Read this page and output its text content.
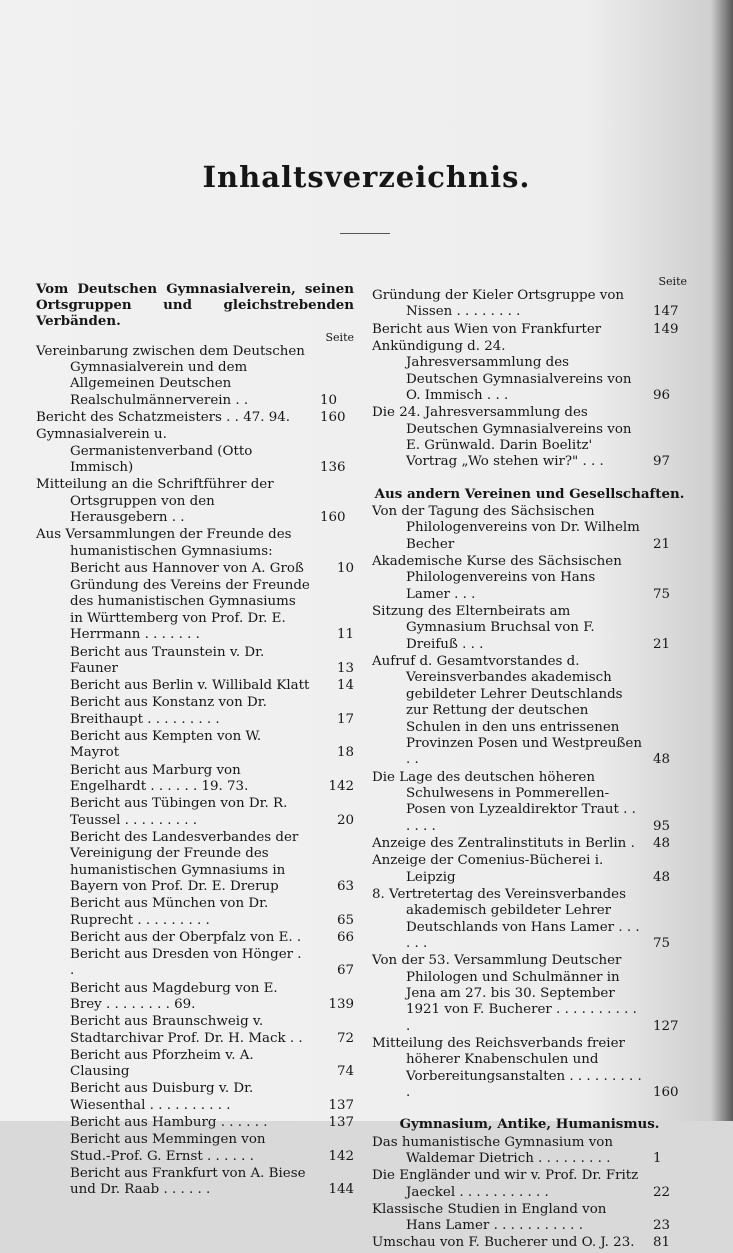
Inhaltsverzeichnis.
Vom Deutschen Gymnasialverein, seinen Ortsgruppen und gleichstrebenden Verbänden.
Seite
Vereinbarung zwischen dem Deutschen Gymnasialverein und dem Allgemeinen Deutschen Realschulmännerverein . .	10
Bericht des Schatzmeisters . . 47. 94.	160
Gymnasialverein u. Germanistenverband (Otto Immisch)	136
Mitteilung an die Schriftführer der Ortsgruppen von den Herausgebern . .	160
Aus Versammlungen der Freunde des humanistischen Gymnasiums:
Bericht aus Hannover von A. Groß	10
Gründung des Vereins der Freunde des humanistischen Gymnasiums in Württemberg von Prof. Dr. E. Herrmann . . . . . . .	11
Bericht aus Traunstein v. Dr. Fauner	13
Bericht aus Berlin v. Willibald Klatt	14
Bericht aus Konstanz von Dr. Breithaupt . . . . . . . . .	17
Bericht aus Kempten von W. Mayrot	18
Bericht aus Marburg von Engelhardt . . . . . . 19. 73.	142
Bericht aus Tübingen von Dr. R. Teussel . . . . . . . . .	20
Bericht des Landesverbandes der Vereinigung der Freunde des humanistischen Gymnasiums in Bayern von Prof. Dr. E. Drerup	63
Bericht aus München von Dr. Ruprecht . . . . . . . . .	65
Bericht aus der Oberpfalz von E. .	66
Bericht aus Dresden von Hönger . .	67
Bericht aus Magdeburg von E. Brey . . . . . . . . 69.	139
Bericht aus Braunschweig v. Stadtarchivar Prof. Dr. H. Mack . .	72
Bericht aus Pforzheim v. A. Clausing	74
Bericht aus Duisburg v. Dr. Wiesenthal . . . . . . . . . .	137
Bericht aus Hamburg . . . . . .	137
Bericht aus Memmingen von Stud.-Prof. G. Ernst . . . . . .	142
Bericht aus Frankfurt von A. Biese und Dr. Raab . . . . . .	144
Seite
Gründung der Kieler Ortsgruppe von Nissen . . . . . . . .	147
Bericht aus Wien von Frankfurter	149
Ankündigung d. 24. Jahresversammlung des Deutschen Gymnasialvereins von O. Immisch . . .	96
Die 24. Jahresversammlung des Deutschen Gymnasialvereins von E. Grünwald. Darin Boelitz' Vortrag „Wo stehen wir?" . . .	97
Aus andern Vereinen und Gesellschaften.
Von der Tagung des Sächsischen Philologenvereins von Dr. Wilhelm Becher	21
Akademische Kurse des Sächsischen Philologenvereins von Hans Lamer . . .	75
Sitzung des Elternbeirats am Gymnasium Bruchsal von F. Dreifuß . . .	21
Aufruf d. Gesamtvorstandes d. Vereinsverbandes akademisch gebildeter Lehrer Deutschlands zur Rettung der deutschen Schulen in den uns entrissenen Provinzen Posen und Westpreußen . .	48
Die Lage des deutschen höheren Schulwesens in Pommerellen-Posen von Lyzealdirektor Traut . . . . . .	95
Anzeige des Zentralinstituts in Berlin .	48
Anzeige der Comenius-Bücherei i. Leipzig	48
8. Vertretertag des Vereinsverbandes akademisch gebildeter Lehrer Deutschlands von Hans Lamer . . . . . .	75
Von der 53. Versammlung Deutscher Philologen und Schulmänner in Jena am 27. bis 30. September 1921 von F. Bucherer . . . . . . . . . . .	127
Mitteilung des Reichsverbands freier höherer Knabenschulen und Vorbereitungsanstalten . . . . . . . . . .	160
Gymnasium, Antike, Humanismus.
Das humanistische Gymnasium von Waldemar Dietrich . . . . . . . . .	1
Die Engländer und wir v. Prof. Dr. Fritz Jaeckel . . . . . . . . . . .	22
Klassische Studien in England von Hans Lamer . . . . . . . . . . .	23
Umschau von F. Bucherer und O. J. 23.	81
